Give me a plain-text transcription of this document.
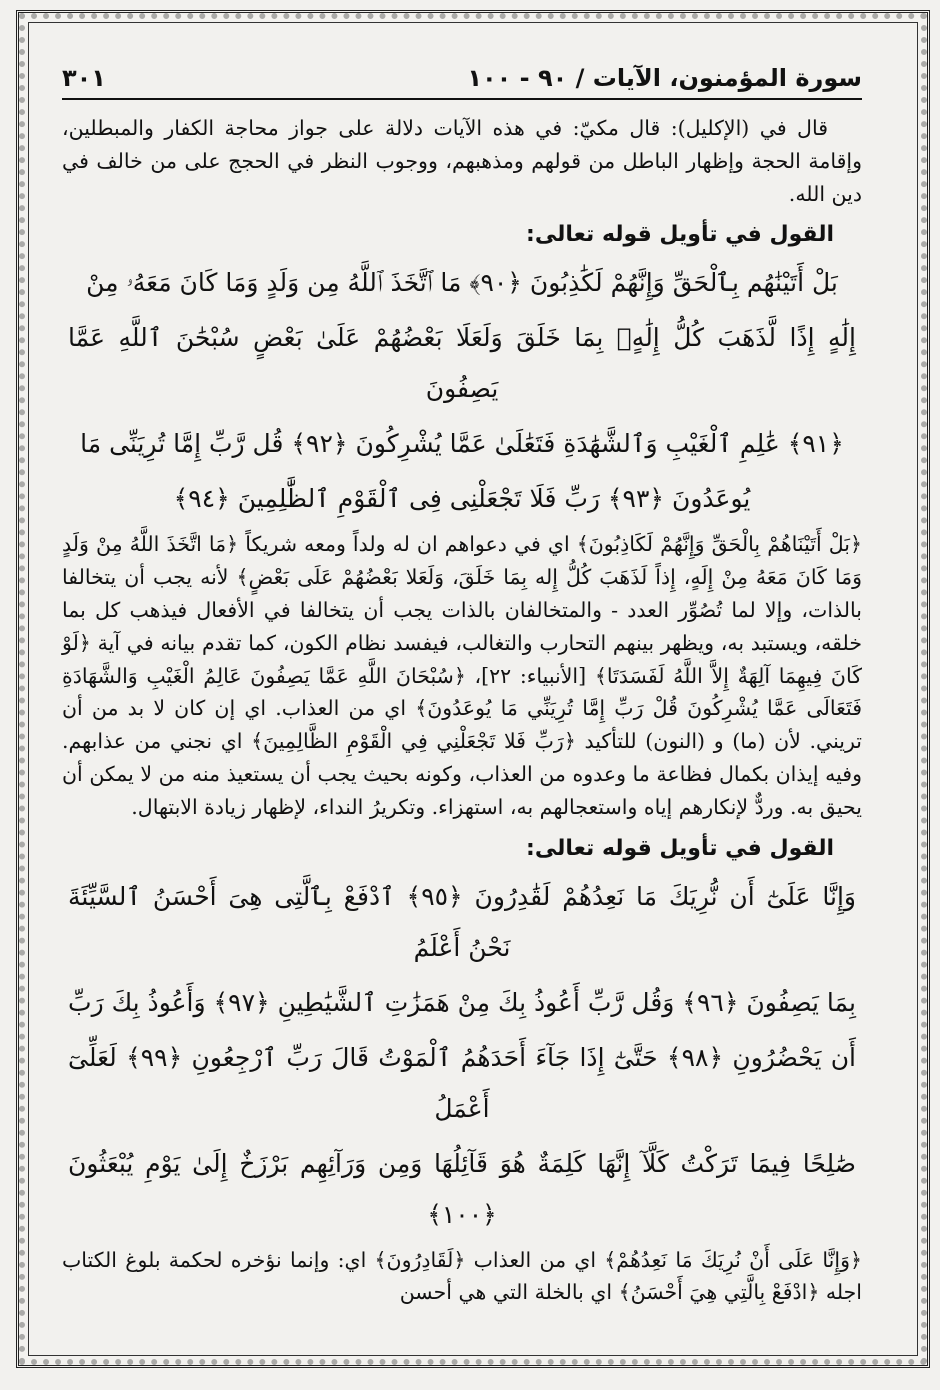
سورة المؤمنون، الآيات / ٩٠ - ١٠٠
٣٠١

قال في (الإكليل): قال مكيّ: في هذه الآيات دلالة على جواز محاجة الكفار والمبطلين، وإقامة الحجة وإظهار الباطل من قولهم ومذهبهم، ووجوب النظر في الحجج على من خالف في دين الله.

القول في تأويل قوله تعالى:

بَلْ أَتَيْنَٰهُم بِٱلْحَقِّ وَإِنَّهُمْ لَكَٰذِبُونَ ﴿٩٠﴾ مَا ٱتَّخَذَ ٱللَّهُ مِن وَلَدٍ وَمَا كَانَ مَعَهُۥ مِنْ

إِلَٰهٍ إِذًا لَّذَهَبَ كُلُّ إِلَٰهٍۭ بِمَا خَلَقَ وَلَعَلَا بَعْضُهُمْ عَلَىٰ بَعْضٍ سُبْحَٰنَ ٱللَّهِ عَمَّا يَصِفُونَ

﴿٩١﴾ عَٰلِمِ ٱلْغَيْبِ وَٱلشَّهَٰدَةِ فَتَعَٰلَىٰ عَمَّا يُشْرِكُونَ ﴿٩٢﴾ قُل رَّبِّ إِمَّا تُرِيَنِّى مَا

يُوعَدُونَ ﴿٩٣﴾ رَبِّ فَلَا تَجْعَلْنِى فِى ٱلْقَوْمِ ٱلظَّٰلِمِينَ ﴿٩٤﴾

﴿بَلْ أَتَيْنَاهُمْ بِالْحَقِّ وَإِنَّهُمْ لَكَاذِبُونَ﴾ اي في دعواهم ان له ولداً ومعه شريكاً ﴿مَا اتَّخَذَ اللَّهُ مِنْ وَلَدٍ وَمَا كَانَ مَعَهُ مِنْ إِلَهٍ، إِذاً لَذَهَبَ كُلُّ إِله بِمَا خَلَقَ، وَلَعَلا بَعْضُهُمْ عَلَى بَعْضٍ﴾ لأنه يجب أن يتخالفا بالذات، وإلا لما تُصُوِّر العدد - والمتخالفان بالذات يجب أن يتخالفا في الأفعال فيذهب كل بما خلقه، ويستبد به، ويظهر بينهم التحارب والتغالب، فيفسد نظام الكون، كما تقدم بيانه في آية ﴿لَوْ كَانَ فِيهِمَا آلِهَةٌ إِلاَّ اللَّهُ لَفَسَدَتَا﴾ [الأنبياء: ٢٢]، ﴿سُبْحَانَ اللَّهِ عَمَّا يَصِفُونَ عَالِمُ الْغَيْبِ وَالشَّهَادَةِ فَتَعَالَى عَمَّا يُشْرِكُونَ قُلْ رَبِّ إِمَّا تُرِيَنِّي مَا يُوعَدُونَ﴾ اي من العذاب. اي إن كان لا بد من أن تريني. لأن (ما) و (النون) للتأكيد ﴿رَبِّ فَلا تَجْعَلْنِي فِي الْقَوْمِ الظَّالِمِينَ﴾ اي نجني من عذابهم. وفيه إيذان بكمال فظاعة ما وعدوه من العذاب، وكونه بحيث يجب أن يستعيذ منه من لا يمكن أن يحيق به. وردٌّ لإنكارهم إياه واستعجالهم به، استهزاء. وتكريرُ النداء، لإظهار زيادة الابتهال.

القول في تأويل قوله تعالى:

وَإِنَّا عَلَىٰٓ أَن نُّرِيَكَ مَا نَعِدُهُمْ لَقَٰدِرُونَ ﴿٩٥﴾ ٱدْفَعْ بِٱلَّتِى هِىَ أَحْسَنُ ٱلسَّيِّئَةَ نَحْنُ أَعْلَمُ

بِمَا يَصِفُونَ ﴿٩٦﴾ وَقُل رَّبِّ أَعُوذُ بِكَ مِنْ هَمَزَٰتِ ٱلشَّيَٰطِينِ ﴿٩٧﴾ وَأَعُوذُ بِكَ رَبِّ

أَن يَحْضُرُونِ ﴿٩٨﴾ حَتَّىٰٓ إِذَا جَآءَ أَحَدَهُمُ ٱلْمَوْتُ قَالَ رَبِّ ٱرْجِعُونِ ﴿٩٩﴾ لَعَلِّىٓ أَعْمَلُ

صَٰلِحًا فِيمَا تَرَكْتُ كَلَّآ إِنَّهَا كَلِمَةٌ هُوَ قَآئِلُهَا وَمِن وَرَآئِهِم بَرْزَخٌ إِلَىٰ يَوْمِ يُبْعَثُونَ ﴿١٠٠﴾

﴿وَإِنَّا عَلَى أَنْ نُرِيَكَ مَا نَعِدُهُمْ﴾ اي من العذاب ﴿لَقَادِرُونَ﴾ اي: وإنما نؤخره لحكمة بلوغ الكتاب اجله ﴿ادْفَعْ بِالَّتِي هِيَ أَحْسَنُ﴾ اي بالخلة التي هي أحسن
